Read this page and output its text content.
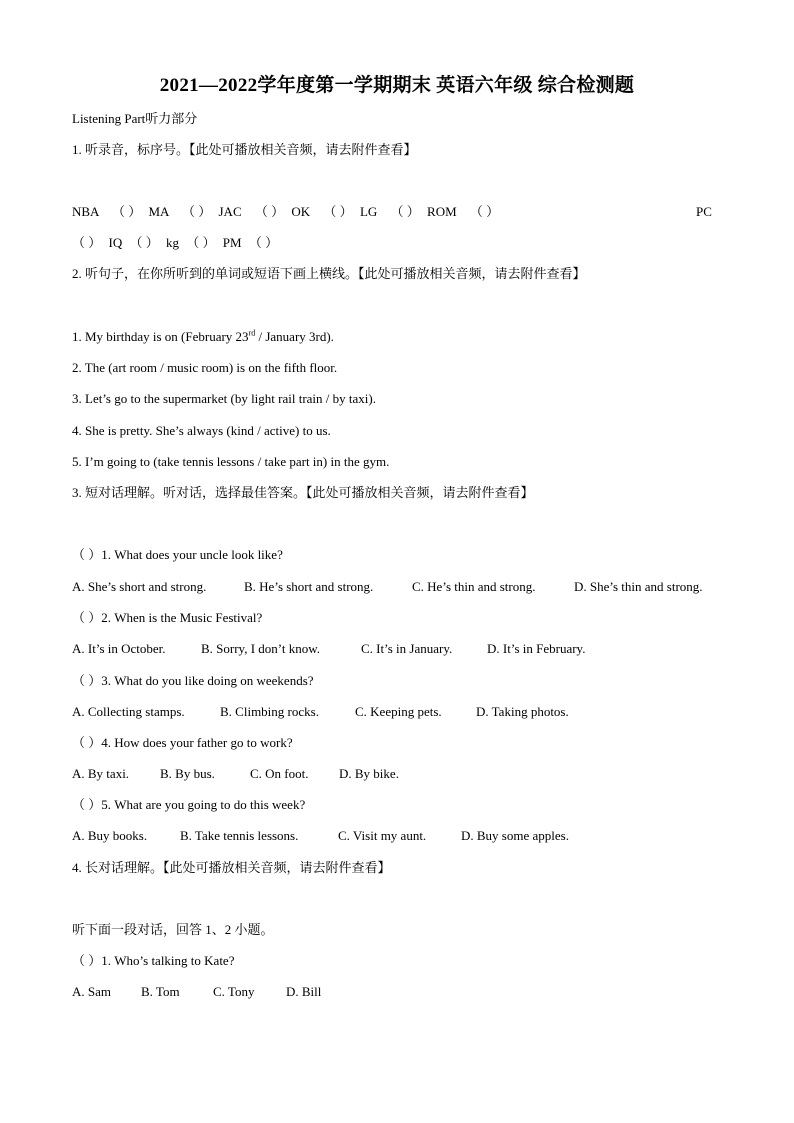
2021—2022学年度第一学期期末 英语六年级 综合检测题
Listening Part听力部分
1. 听录音，标序号。【此处可播放相关音频，请去附件查看】
NBA （ ） MA （ ） JAC （ ） OK （ ） LG （ ） ROM （ ）	PC
（ ） IQ （ ） kg （ ） PM （ ）
2. 听句子，在你所听到的单词或短语下画上横线。【此处可播放相关音频，请去附件查看】
1. My birthday is on (February 23rd / January 3rd).
2. The (art room / music room) is on the fifth floor.
3. Let’s go to the supermarket (by light rail train / by taxi).
4. She is pretty. She’s always (kind / active) to us.
5. I’m going to (take tennis lessons / take part in) in the gym.
3. 短对话理解。听对话，选择最佳答案。【此处可播放相关音频，请去附件查看】
（ ）1. What does your uncle look like?
A. She’s short and strong.	B. He’s short and strong.	C. He’s thin and strong.	D. She’s thin and strong.
（ ）2. When is the Music Festival?
A. It’s in October.	B. Sorry, I don’t know.	C. It’s in January.	D. It’s in February.
（ ）3. What do you like doing on weekends?
A. Collecting stamps.	B. Climbing rocks.	C. Keeping pets.	D. Taking photos.
（ ）4. How does your father go to work?
A. By taxi. B. By bus.	C. On foot. D. By bike.
（ ）5. What are you going to do this week?
A. Buy books.	B. Take tennis lessons.	C. Visit my aunt.	D. Buy some apples.
4. 长对话理解。【此处可播放相关音频，请去附件查看】
听下面一段对话，回答 1、2 小题。
（ ）1. Who’s talking to Kate?
A. Sam B. Tom	C. Tony D. Bill
